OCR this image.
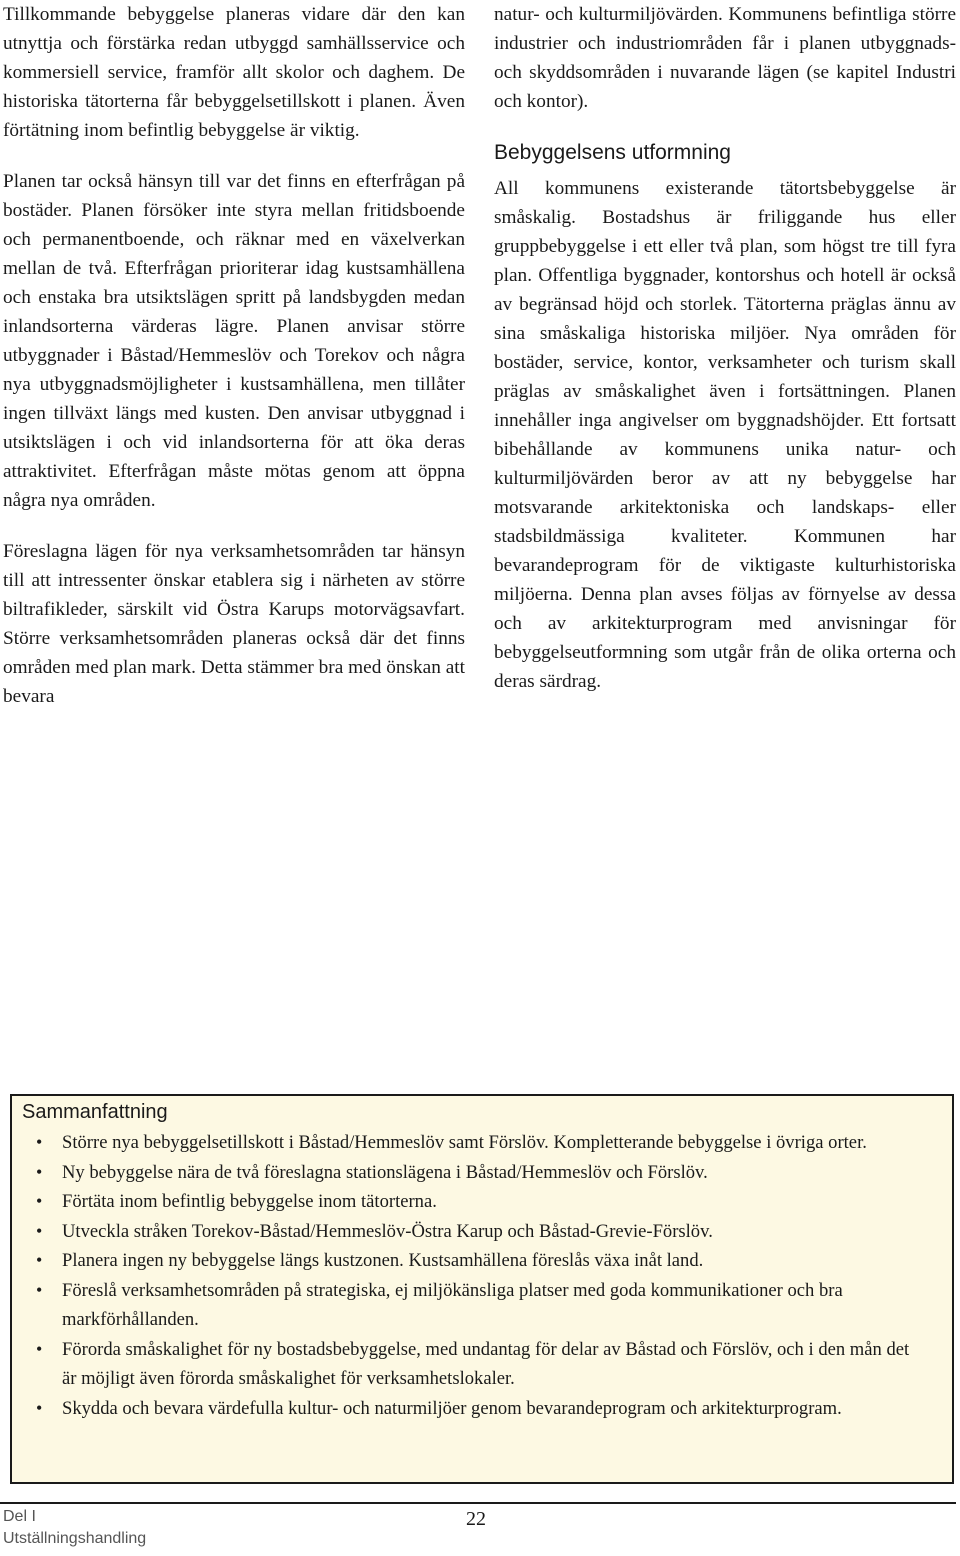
Tillkommande bebyggelse planeras vidare där den kan utnyttja och förstärka redan utbyggd samhällsservice och kommersiell service, framför allt skolor och daghem. De historiska tätorterna får bebyggelsetillskott i planen. Även förtätning inom befintlig bebyggelse är viktig.

Planen tar också hänsyn till var det finns en efterfrågan på bostäder. Planen försöker inte styra mellan fritidsboende och permanentboende, och räknar med en växelverkan mellan de två. Efterfrågan prioriterar idag kustsamhällena och enstaka bra utsiktslägen spritt på landsbygden medan inlandsorterna värderas lägre. Planen anvisar större utbyggnader i Båstad/Hemmeslöv och Torekov och några nya utbyggnadsmöjligheter i kustsamhällena, men tillåter ingen tillväxt längs med kusten. Den anvisar utbyggnad i utsiktslägen i och vid inlandsorterna för att öka deras attraktivitet. Efterfrågan måste mötas genom att öppna några nya områden.

Föreslagna lägen för nya verksamhetsområden tar hänsyn till att intressenter önskar etablera sig i närheten av större biltrafikleder, särskilt vid Östra Karups motorvägsavfart. Större verksamhetsområden planeras också där det finns områden med plan mark. Detta stämmer bra med önskan att bevara

natur- och kulturmiljövärden. Kommunens befintliga större industrier och industriområden får i planen utbyggnads- och skyddsområden i nuvarande lägen (se kapitel Industri och kontor).

Bebyggelsens utformning

All kommunens existerande tätortsbebyggelse är småskalig. Bostadshus är friliggande hus eller gruppbebyggelse i ett eller två plan, som högst tre till fyra plan. Offentliga byggnader, kontorshus och hotell är också av begränsad höjd och storlek. Tätorterna präglas ännu av sina småskaliga historiska miljöer. Nya områden för bostäder, service, kontor, verksamheter och turism skall präglas av småskalighet även i fortsättningen. Planen innehåller inga angivelser om byggnadshöjder. Ett fortsatt bibehållande av kommunens unika natur- och kulturmiljövärden beror av att ny bebyggelse har motsvarande arkitektoniska och landskaps- eller stadsbildmässiga kvaliteter. Kommunen har bevarandeprogram för de viktigaste kulturhistoriska miljöerna. Denna plan avses följas av förnyelse av dessa och av arkitekturprogram med anvisningar för bebyggelseutformning som utgår från de olika orterna och deras särdrag.

Sammanfattning
• Större nya bebyggelsetillskott i Båstad/Hemmeslöv samt Förslöv. Kompletterande bebyggelse i övriga orter.
• Ny bebyggelse nära de två föreslagna stationslägena i Båstad/Hemmeslöv och Förslöv.
• Förtäta inom befintlig bebyggelse inom tätorterna.
• Utveckla stråken Torekov-Båstad/Hemmeslöv-Östra Karup och Båstad-Grevie-Förslöv.
• Planera ingen ny bebyggelse längs kustzonen. Kustsamhällena föreslås växa inåt land.
• Föreslå verksamhetsområden på strategiska, ej miljökänsliga platser med goda kommunikationer och bra markförhållanden.
• Förorda småskalighet för ny bostadsbebyggelse, med undantag för delar av Båstad och Förslöv, och i den mån det är möjligt även förorda småskalighet för verksamhetslokaler.
• Skydda och bevara värdefulla kultur- och naturmiljöer genom bevarandeprogram och arkitekturprogram.
Del I
Utställningshandling
22
